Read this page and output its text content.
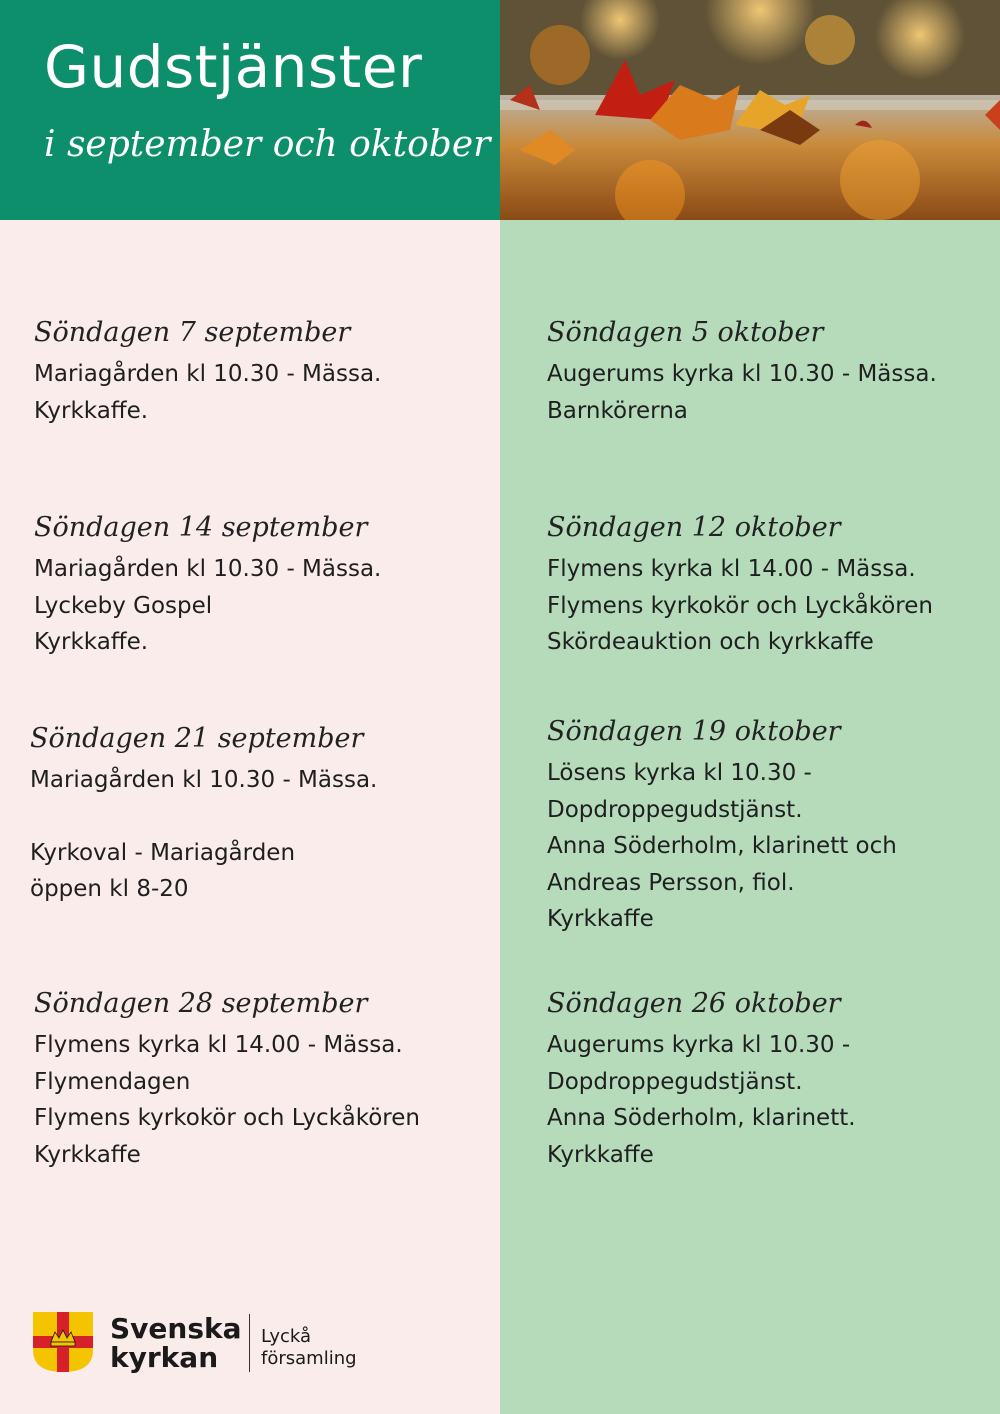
Gudstjänster

i september och oktober

Söndagen 7 september

Mariagården kl 10.30 - Mässa.

Kyrkkaffe.

Söndagen 14 september

Mariagården kl 10.30 - Mässa.

Lyckeby Gospel

Kyrkkaffe.

Söndagen 21 september

Mariagården kl 10.30 - Mässa.

Kyrkoval - Mariagården

öppen kl 8-20

Söndagen 28 september

Flymens kyrka kl 14.00 - Mässa.

Flymendagen

Flymens kyrkokör och Lyckåkören

Kyrkkaffe

Söndagen 5 oktober

Augerums kyrka kl 10.30 - Mässa.

Barnkörerna

Söndagen 12 oktober

Flymens kyrka kl 14.00 - Mässa.

Flymens kyrkokör och Lyckåkören

Skördeauktion och kyrkkaffe

Söndagen 19 oktober

Lösens kyrka kl 10.30 -

Dopdroppegudstjänst.

Anna Söderholm, klarinett och

Andreas Persson, fiol.

Kyrkkaffe

Söndagen 26 oktober

Augerums kyrka kl 10.30 -

Dopdroppegudstjänst.

Anna Söderholm, klarinett.

Kyrkkaffe

Svenska
kyrkan
Lyckå
församling
